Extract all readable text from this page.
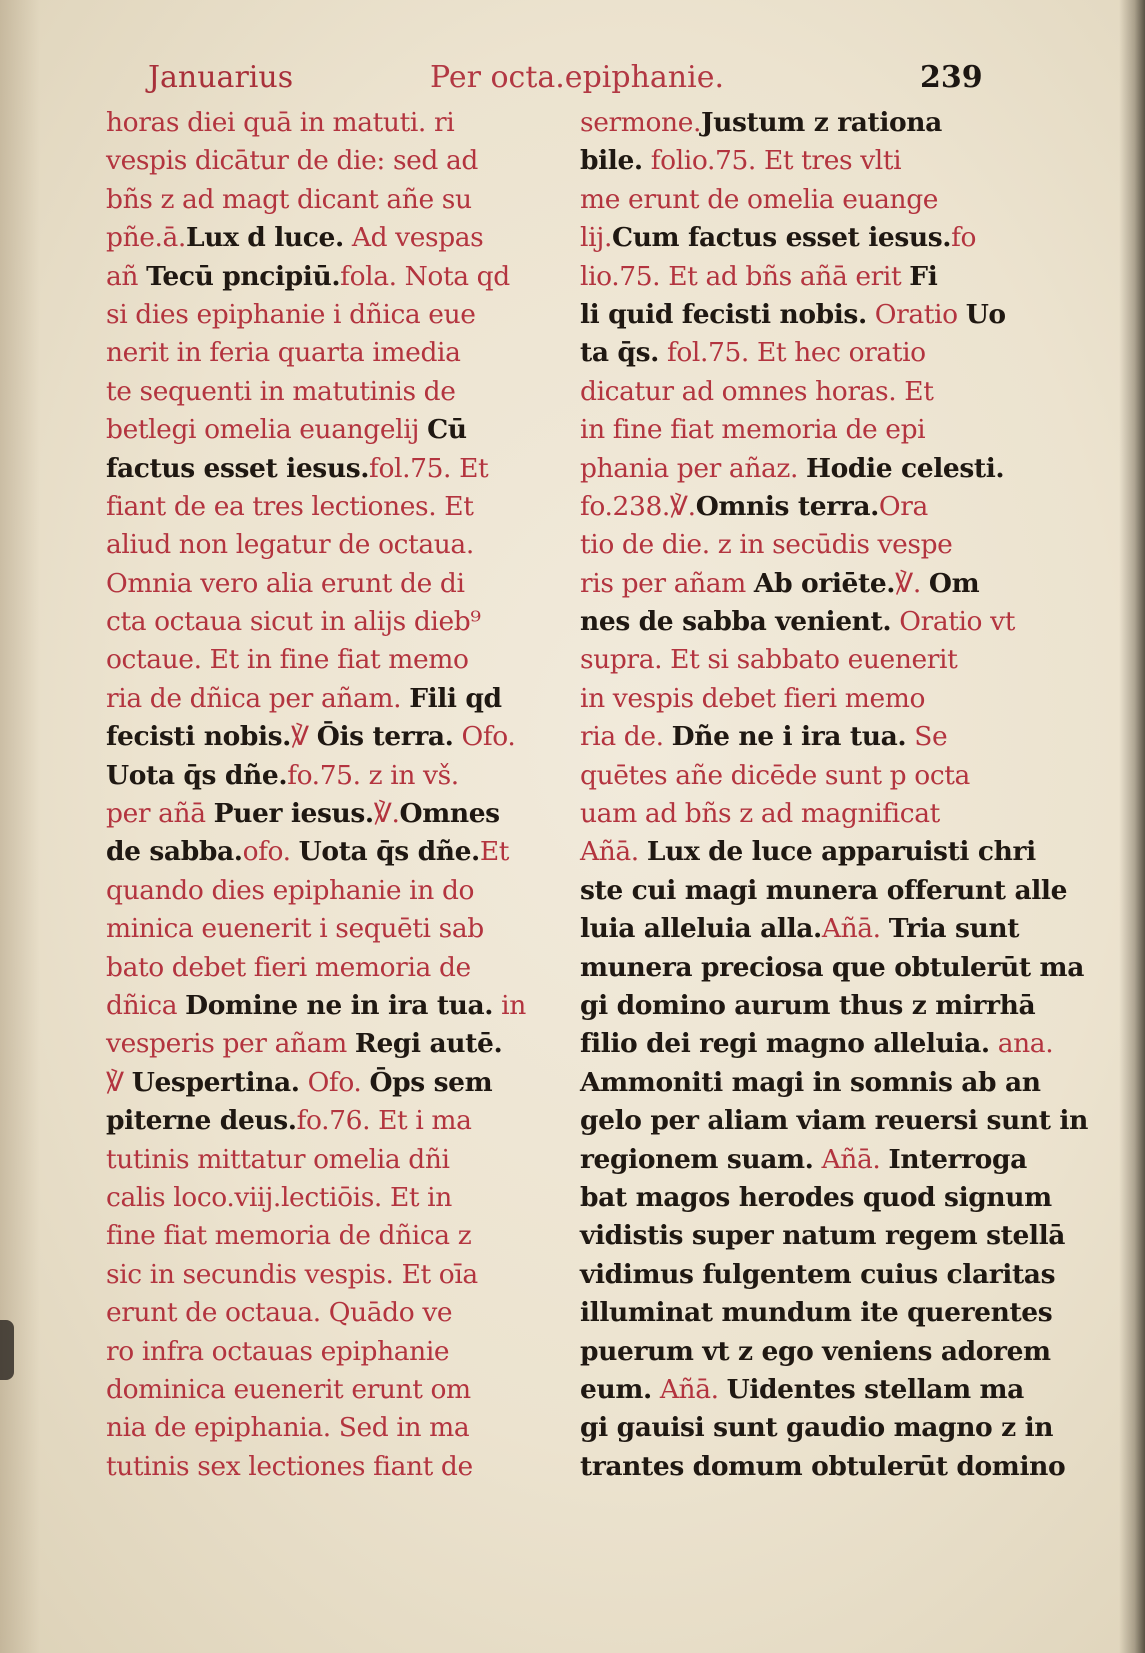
Januarius	Per octa.epiphanie.	239
horas diei quā in matuti. ri
vespis dicātur de die: sed ad
bñs z ad magt dicant añe su
pñe.ā.Lux d luce. Ad vespas
añ Tecū pncipiū.fola. Nota qd
si dies epiphanie i dñica eue
nerit in feria quarta imedia
te sequenti in matutinis de
betlegi omelia euangelij Cū
factus esset iesus.fol.75. Et
fiant de ea tres lectiones. Et
aliud non legatur de octaua.
Omnia vero alia erunt de di
cta octaua sicut in alijs dieb⁹
octaue. Et in fine fiat memo
ria de dñica per añam. Fili qd
fecisti nobis.℣ Ōis terra. Ofo.
Uota q̄s dñe.fo.75. z in vš.
per añā Puer iesus.℣.Omnes
de sabba.ofo. Uota q̄s dñe.Et
quando dies epiphanie in do
minica euenerit i sequēti sab
bato debet fieri memoria de
dñica Domine ne in ira tua. in
vesperis per añam Regi autē.
℣ Uespertina. Ofo. Ōps sem
piterne deus.fo.76. Et i ma
tutinis mittatur omelia dñi
calis loco.viij.lectiōis. Et in
fine fiat memoria de dñica z
sic in secundis vespis. Et oīa
erunt de octaua. Quādo ve
ro infra octauas epiphanie
dominica euenerit erunt om
nia de epiphania. Sed in ma
tutinis sex lectiones fiant de
sermone.Justum z rationa
bile. folio.75. Et tres vlti
me erunt de omelia euange
lij.Cum factus esset iesus.fo
lio.75. Et ad bñs añā erit Fi
li quid fecisti nobis. Oratio Uo
ta q̄s. fol.75. Et hec oratio
dicatur ad omnes horas. Et
in fine fiat memoria de epi
phania per añaz. Hodie celesti.
fo.238.℣.Omnis terra.Ora
tio de die. z in secūdis vespe
ris per añam Ab oriēte.℣. Om
nes de sabba venient. Oratio vt
supra. Et si sabbato euenerit
in vespis debet fieri memo
ria de. Dñe ne i ira tua. Se
quētes añe dicēde sunt p octa
uam ad bñs z ad magnificat
Añā. Lux de luce apparuisti chri
ste cui magi munera offerunt alle
luia alleluia alla.Añā. Tria sunt
munera preciosa que obtulerūt ma
gi domino aurum thus z mirrhā
filio dei regi magno alleluia. ana.
Ammoniti magi in somnis ab an
gelo per aliam viam reuersi sunt in
regionem suam. Añā. Interroga
bat magos herodes quod signum
vidistis super natum regem stellā
vidimus fulgentem cuius claritas
illuminat mundum ite querentes
puerum vt z ego veniens adorem
eum. Añā. Uidentes stellam ma
gi gauisi sunt gaudio magno z in
trantes domum obtulerūt domino
